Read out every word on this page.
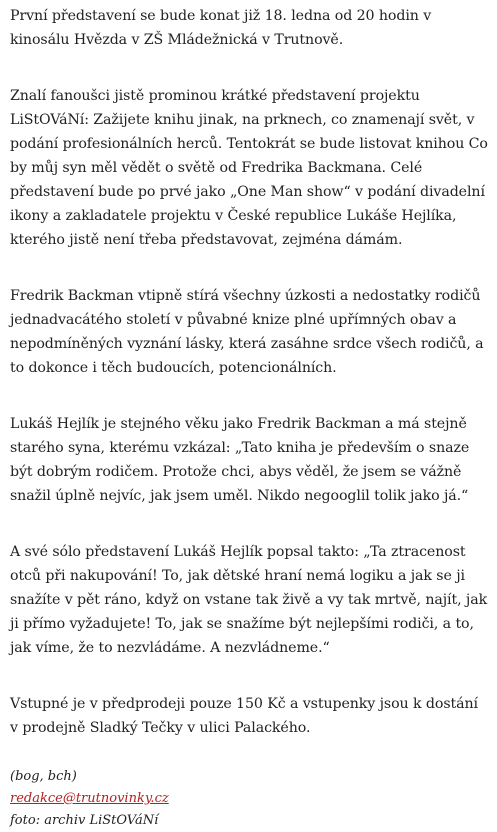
První představení se bude konat již 18. ledna od 20 hodin v kinosálu Hvězda v ZŠ Mládežnická v Trutnově.

Znalí fanoušci jistě prominou krátké představení projektu LiStOVáNí: Zažijete knihu jinak, na prknech, co znamenají svět, v podání profesionálních herců. Tentokrát se bude listovat knihou Co by můj syn měl vědět o světě od Fredrika Backmana. Celé představení bude po prvé jako „One Man show“ v podání divadelní ikony a zakladatele projektu v České republice Lukáše Hejlíka, kterého jistě není třeba představovat, zejména dámám.

Fredrik Backman vtipně stírá všechny úzkosti a nedostatky rodičů jednadvacátého století v půvabné knize plné upřímných obav a nepodmíněných vyznání lásky, která zasáhne srdce všech rodičů, a to dokonce i těch budoucích, potencionálních.

Lukáš Hejlík je stejného věku jako Fredrik Backman a má stejně starého syna, kterému vzkázal: „Tato kniha je především o snaze být dobrým rodičem. Protože chci, abys věděl, že jsem se vážně snažil úplně nejvíc, jak jsem uměl. Nikdo negooglil tolik jako já.“

A své sólo představení Lukáš Hejlík popsal takto: „Ta ztracenost otců při nakupování! To, jak dětské hraní nemá logiku a jak se ji snažíte v pět ráno, když on vstane tak živě a vy tak mrtvě, najít, jak ji přímo vyžadujete! To, jak se snažíme být nejlepšími rodiči, a to, jak víme, že to nezvládáme. A nezvládneme.“

Vstupné je v předprodeji pouze 150 Kč a vstupenky jsou k dostání v prodejně Sladký Tečky v ulici Palackého.

(bog, bch)
redakce@trutnovinky.cz
foto: archiv LiStOVáNí
